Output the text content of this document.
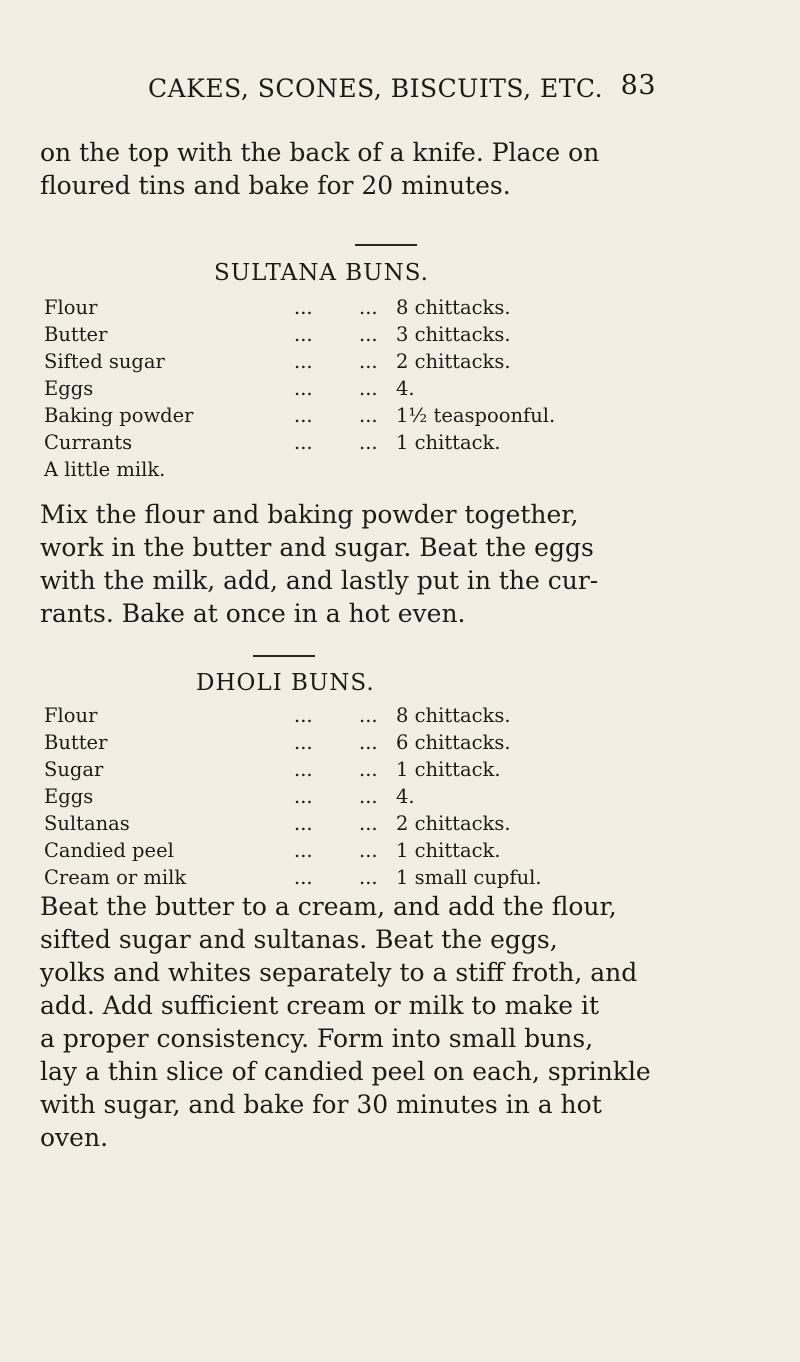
CAKES, SCONES, BISCUITS, ETC. 83
on the top with the back of a knife. Place on
floured tins and bake for 20 minutes.
SULTANA BUNS.
Flour	... ... 8 chittacks.
Butter	... ... 3 chittacks.
Sifted sugar	... ... 2 chittacks.
Eggs	... ... 4.
Baking powder	... ... 1½ teaspoonful.
Currants	... ... 1 chittack.
A little milk.
Mix the flour and baking powder together,
work in the butter and sugar. Beat the eggs
with the milk, add, and lastly put in the cur-
rants. Bake at once in a hot even.
DHOLI BUNS.
Flour	... ... 8 chittacks.
Butter	... ... 6 chittacks.
Sugar	... ... 1 chittack.
Eggs	... ... 4.
Sultanas	... ... 2 chittacks.
Candied peel	... ... 1 chittack.
Cream or milk	... ... 1 small cupful.
Beat the butter to a cream, and add the flour,
sifted sugar and sultanas. Beat the eggs,
yolks and whites separately to a stiff froth, and
add. Add sufficient cream or milk to make it
a proper consistency. Form into small buns,
lay a thin slice of candied peel on each, sprinkle
with sugar, and bake for 30 minutes in a hot
oven.
